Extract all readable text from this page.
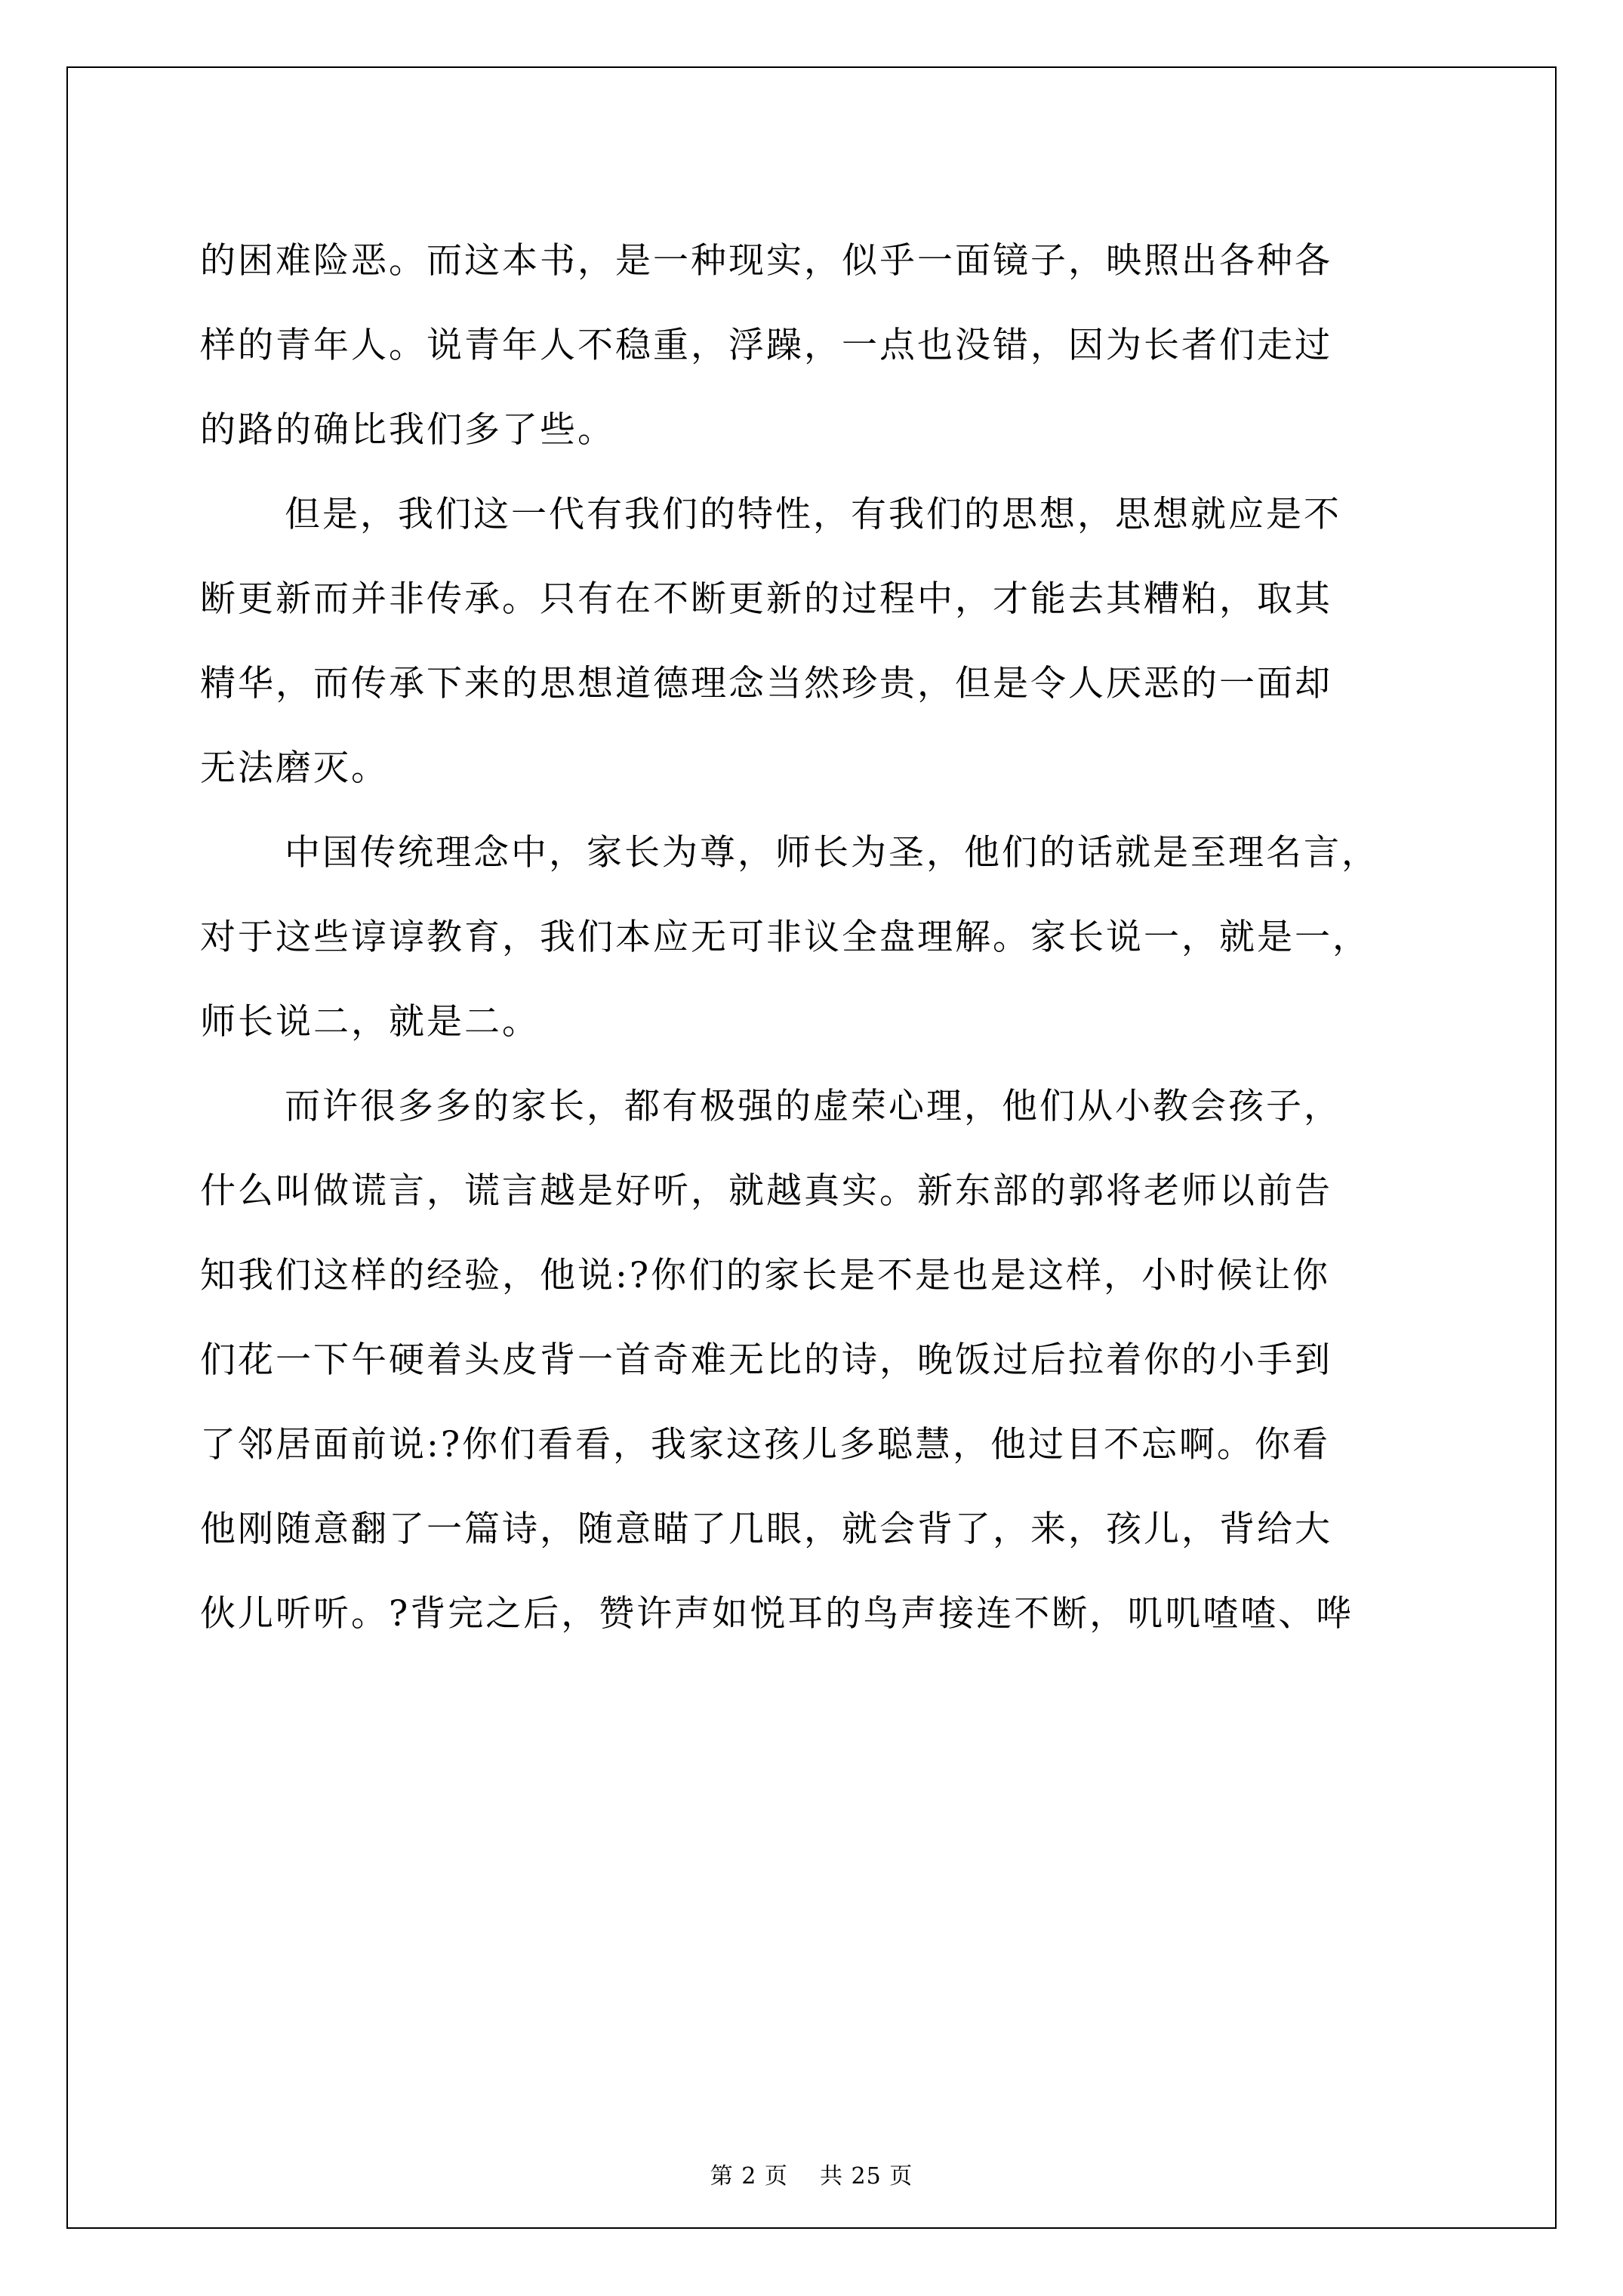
的困难险恶。而这本书，是一种现实，似乎一面镜子，映照出各种各
样的青年人。说青年人不稳重，浮躁，一点也没错，因为长者们走过
的路的确比我们多了些。
但是，我们这一代有我们的特性，有我们的思想，思想就应是不
断更新而并非传承。只有在不断更新的过程中，才能去其糟粕，取其
精华，而传承下来的思想道德理念当然珍贵，但是令人厌恶的一面却
无法磨灭。
中国传统理念中，家长为尊，师长为圣，他们的话就是至理名言，
对于这些谆谆教育，我们本应无可非议全盘理解。家长说一，就是一，
师长说二，就是二。
而许很多多的家长，都有极强的虚荣心理，他们从小教会孩子，
什么叫做谎言，谎言越是好听，就越真实。新东部的郭将老师以前告
知我们这样的经验，他说:?你们的家长是不是也是这样，小时候让你
们花一下午硬着头皮背一首奇难无比的诗，晚饭过后拉着你的小手到
了邻居面前说:?你们看看，我家这孩儿多聪慧，他过目不忘啊。你看
他刚随意翻了一篇诗，随意瞄了几眼，就会背了，来，孩儿，背给大
伙儿听听。?背完之后，赞许声如悦耳的鸟声接连不断，叽叽喳喳、哗
第 2 页    共 25 页
